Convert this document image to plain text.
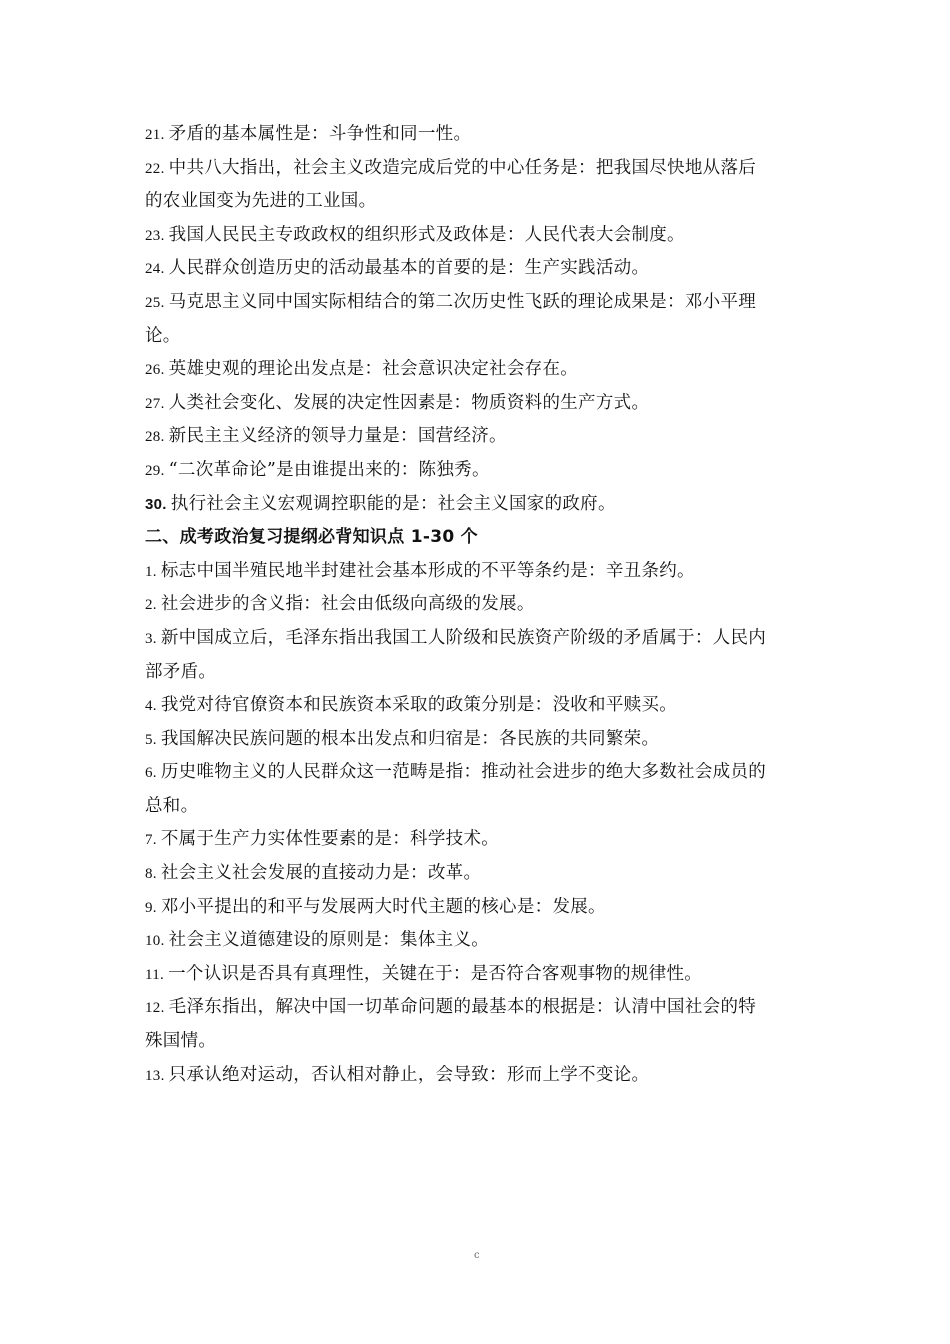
21. 矛盾的基本属性是：斗争性和同一性。
22. 中共八大指出，社会主义改造完成后党的中心任务是：把我国尽快地从落后
的农业国变为先进的工业国。
23. 我国人民民主专政政权的组织形式及政体是：人民代表大会制度。
24. 人民群众创造历史的活动最基本的首要的是：生产实践活动。
25. 马克思主义同中国实际相结合的第二次历史性飞跃的理论成果是：邓小平理
论。
26. 英雄史观的理论出发点是：社会意识决定社会存在。
27. 人类社会变化、发展的决定性因素是：物质资料的生产方式。
28. 新民主主义经济的领导力量是：国营经济。
29. “二次革命论”是由谁提出来的：陈独秀。
30. 执行社会主义宏观调控职能的是：社会主义国家的政府。
二、成考政治复习提纲必背知识点 1-30 个
1. 标志中国半殖民地半封建社会基本形成的不平等条约是：辛丑条约。
2. 社会进步的含义指：社会由低级向高级的发展。
3. 新中国成立后，毛泽东指出我国工人阶级和民族资产阶级的矛盾属于：人民内
部矛盾。
4. 我党对待官僚资本和民族资本采取的政策分别是：没收和平赎买。
5. 我国解决民族问题的根本出发点和归宿是：各民族的共同繁荣。
6. 历史唯物主义的人民群众这一范畴是指：推动社会进步的绝大多数社会成员的
总和。
7. 不属于生产力实体性要素的是：科学技术。
8. 社会主义社会发展的直接动力是：改革。
9. 邓小平提出的和平与发展两大时代主题的核心是：发展。
10. 社会主义道德建设的原则是：集体主义。
11. 一个认识是否具有真理性，关键在于：是否符合客观事物的规律性。
12. 毛泽东指出，解决中国一切革命问题的最基本的根据是：认清中国社会的特
殊国情。
13. 只承认绝对运动，否认相对静止，会导致：形而上学不变论。
c
